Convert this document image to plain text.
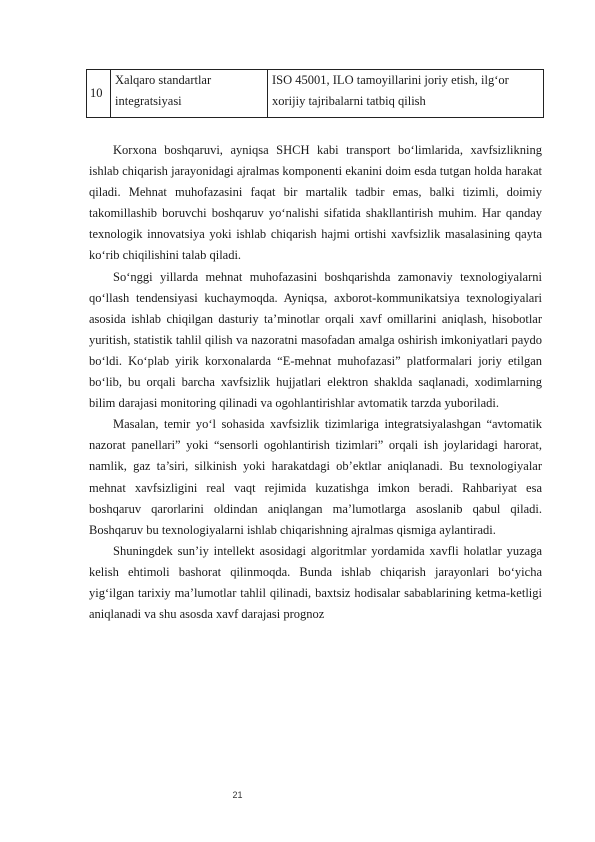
10	Xalqaro standartlar integratsiyasi	ISO 45001, ILO tamoyillarini joriy etish, ilg‘or xorijiy tajribalarni tatbiq qilish

Korxona boshqaruvi, ayniqsa SHCH kabi transport bo‘limlarida, xavfsizlikning ishlab chiqarish jarayonidagi ajralmas komponenti ekanini doim esda tutgan holda harakat qiladi. Mehnat muhofazasini faqat bir martalik tadbir emas, balki tizimli, doimiy takomillashib boruvchi boshqaruv yo‘nalishi sifatida shakllantirish muhim. Har qanday texnologik innovatsiya yoki ishlab chiqarish hajmi ortishi xavfsizlik masalasining qayta ko‘rib chiqilishini talab qiladi.

So‘nggi yillarda mehnat muhofazasini boshqarishda zamonaviy texnologiyalarni qo‘llash tendensiyasi kuchaymoqda. Ayniqsa, axborot-kommunikatsiya texnologiyalari asosida ishlab chiqilgan dasturiy ta’minotlar orqali xavf omillarini aniqlash, hisobotlar yuritish, statistik tahlil qilish va nazoratni masofadan amalga oshirish imkoniyatlari paydo bo‘ldi. Ko‘plab yirik korxonalarda “E-mehnat muhofazasi” platformalari joriy etilgan bo‘lib, bu orqali barcha xavfsizlik hujjatlari elektron shaklda saqlanadi, xodimlarning bilim darajasi monitoring qilinadi va ogohlantirishlar avtomatik tarzda yuboriladi.

Masalan, temir yo‘l sohasida xavfsizlik tizimlariga integratsiyalashgan “avtomatik nazorat panellari” yoki “sensorli ogohlantirish tizimlari” orqali ish joylaridagi harorat, namlik, gaz ta’siri, silkinish yoki harakatdagi ob’ektlar aniqlanadi. Bu texnologiyalar mehnat xavfsizligini real vaqt rejimida kuzatishga imkon beradi. Rahbariyat esa boshqaruv qarorlarini oldindan aniqlangan ma’lumotlarga asoslanib qabul qiladi. Boshqaruv bu texnologiyalarni ishlab chiqarishning ajralmas qismiga aylantiradi.

Shuningdek sun’iy intellekt asosidagi algoritmlar yordamida xavfli holatlar yuzaga kelish ehtimoli bashorat qilinmoqda. Bunda ishlab chiqarish jarayonlari bo‘yicha yig‘ilgan tarixiy ma’lumotlar tahlil qilinadi, baxtsiz hodisalar sabablarining ketma-ketligi aniqlanadi va shu asosda xavf darajasi prognoz

21
